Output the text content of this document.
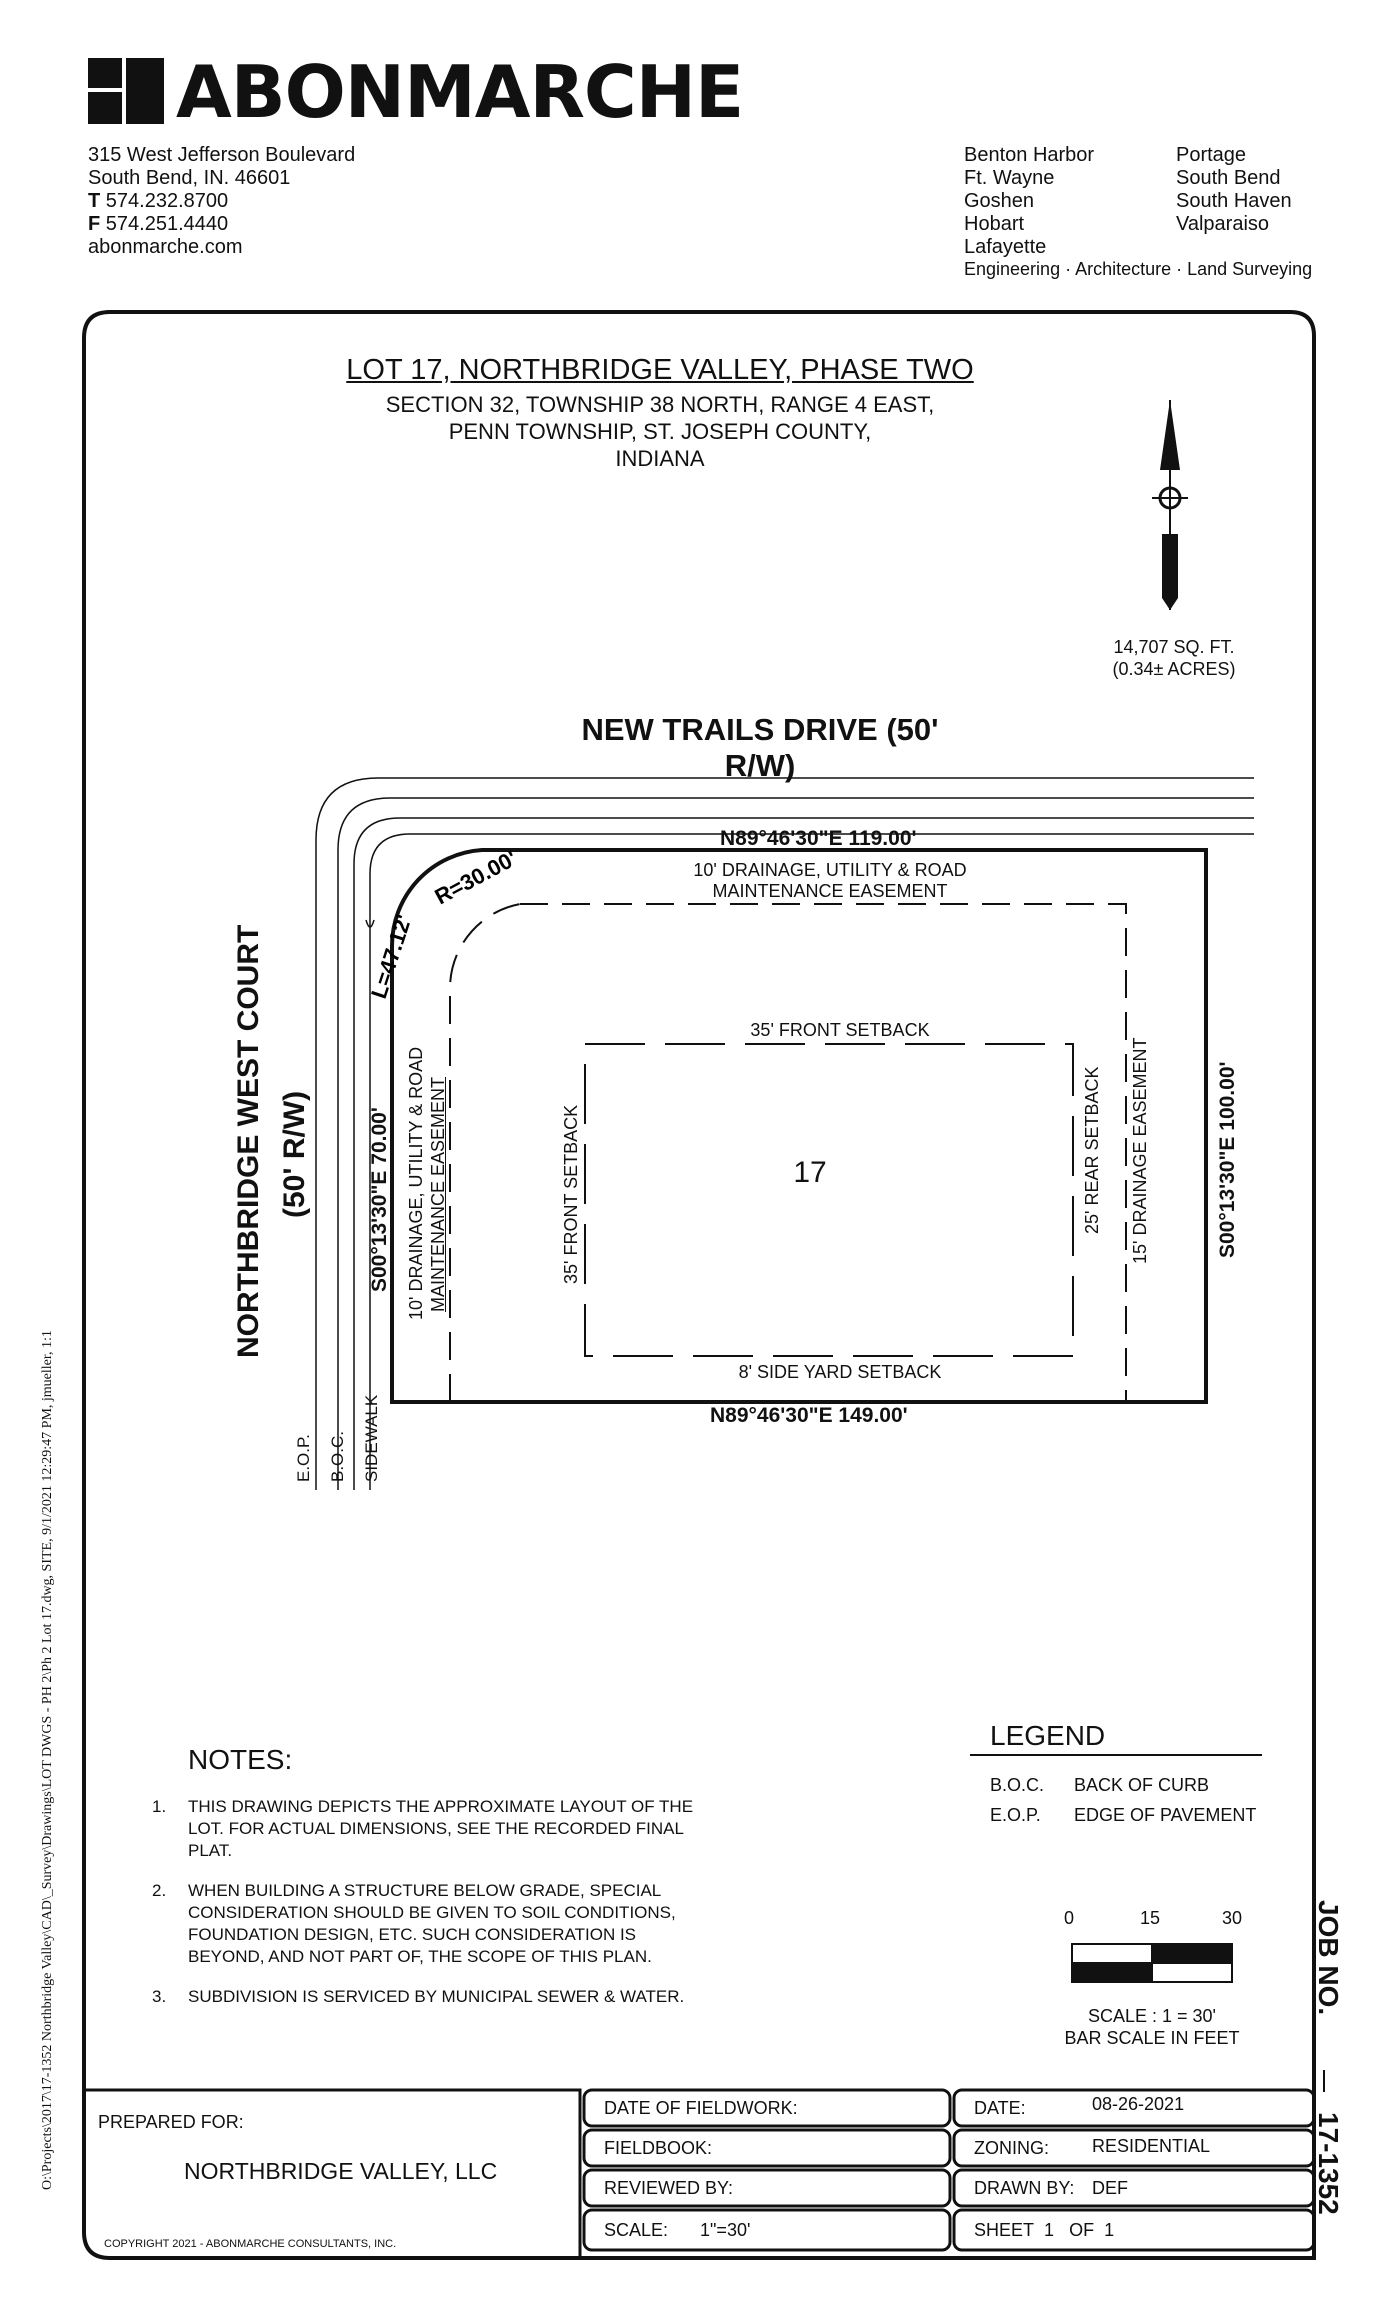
ABONMARCHE
315 West Jefferson Boulevard
South Bend, IN. 46601
T 574.232.8700
F 574.251.4440
abonmarche.com
Benton Harbor
Ft. Wayne
Goshen
Hobart
Lafayette
Portage
South Bend
South Haven
Valparaiso
Engineering · Architecture · Land Surveying
O:\Projects\2017\17-1352 Northbridge Valley\CAD\_Survey\Drawings\LOT DWGS - PH 2\Ph 2 Lot 17.dwg, SITE, 9/1/2021 12:29:47 PM, jmueller, 1:1
R=30.00'
L=47.12'
LOT 17, NORTHBRIDGE VALLEY, PHASE TWO
SECTION 32, TOWNSHIP 38 NORTH, RANGE 4 EAST,
PENN TOWNSHIP, ST. JOSEPH COUNTY,
INDIANA
14,707 SQ. FT.
(0.34± ACRES)
NEW TRAILS DRIVE (50' R/W)
NORTHBRIDGE WEST COURT (50' R/W)
N89°46'30"E 119.00'
N89°46'30"E 149.00'
S00°13'30"E 100.00'
S00°13'30"E 70.00'
10' DRAINAGE, UTILITY & ROAD
MAINTENANCE EASEMENT
10' DRAINAGE, UTILITY & ROAD MAINTENANCE EASEMENT	15' DRAINAGE EASEMENT
35' FRONT SETBACK
35' FRONT SETBACK	25' REAR SETBACK
8' SIDE YARD SETBACK
17
E.O.P. B.O.C. SIDEWALK
NOTES:
1.	THIS DRAWING DEPICTS THE APPROXIMATE LAYOUT OF THE
LOT. FOR ACTUAL DIMENSIONS, SEE THE RECORDED FINAL
PLAT.
2.	WHEN BUILDING A STRUCTURE BELOW GRADE, SPECIAL
CONSIDERATION SHOULD BE GIVEN TO SOIL CONDITIONS,
FOUNDATION DESIGN, ETC. SUCH CONSIDERATION IS
BEYOND, AND NOT PART OF, THE SCOPE OF THIS PLAN.
3.	SUBDIVISION IS SERVICED BY MUNICIPAL SEWER & WATER.
LEGEND
B.O.C.	BACK OF CURB
E.O.P.	EDGE OF PAVEMENT
0	15	30
SCALE : 1 = 30'
BAR SCALE IN FEET
JOB NO.
17-1352
PREPARED FOR:
NORTHBRIDGE VALLEY, LLC
COPYRIGHT 2021 - ABONMARCHE CONSULTANTS, INC.
DATE OF FIELDWORK:
FIELDBOOK:
REVIEWED BY:
SCALE: 1"=30'
DATE:	08-26-2021
ZONING: RESIDENTIAL
DRAWN BY: DEF
SHEET 1 OF 1
